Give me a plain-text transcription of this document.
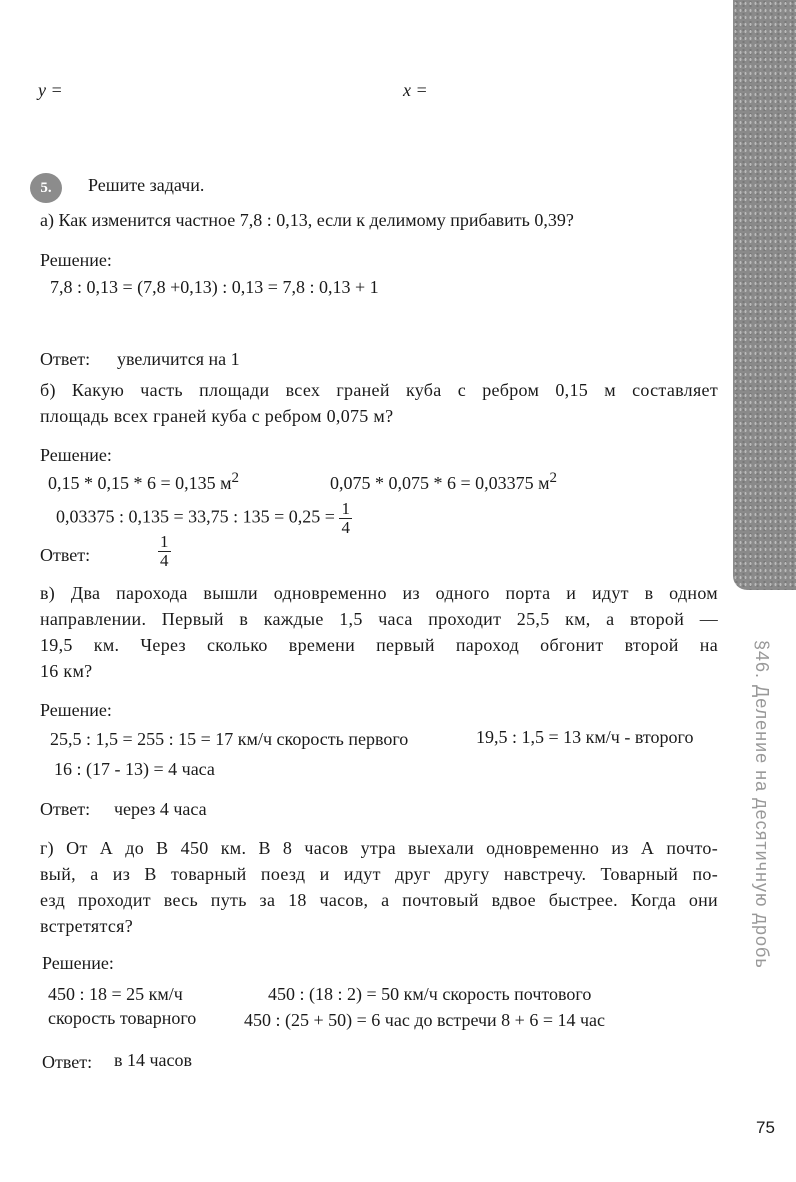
y =	x =
5.	Решите задачи.
а) Как изменится частное 7,8 : 0,13, если к делимому прибавить 0,39?
Решение:
7,8 : 0,13 = (7,8 +0,13) : 0,13 = 7,8 : 0,13 + 1
Ответ: увеличится на 1
б) Какую часть площади всех граней куба с ребром 0,15 м составляет
площадь всех граней куба с ребром 0,075 м?
Решение:
0,15 * 0,15 * 6 = 0,135 $м^2$	0,075 * 0,075 * 6 = 0,03375 $м^2$
0,03375 : 0,135 = 33,75 : $135 = 0,25 = \frac{1}{4}$
Ответ:	$\frac{1}{4}$
в) Два парохода вышли одновременно из одного порта и идут в одном
направлении. Первый в каждые 1,5 часа проходит 25,5 км, а второй —
19,5 км. Через сколько времени первый пароход обгонит второй на
16 км?
Решение:
25,5 : 1,5 = 255 : 15 = 17 км/ч скорость первого	19,5 : 1,5 = 13 км/ч - второго
16 : (17 - 13) = 4 часа
Ответ: через 4 часа
г) От А до В 450 км. В 8 часов утра выехали одновременно из А почто-
вый, а из В товарный поезд и идут друг другу навстречу. Товарный по-
езд проходит весь путь за 18 часов, а почтовый вдвое быстрее. Когда они
встретятся?
Решение:
450 : 18 = 25 км/ч	450 : (18 : 2) = 50 км/ч скорость почтового
скорость товарного	450 : (25 + 50) = 6 час до встречи 8 + 6 = 14 час
Ответ: в 14 часов
§46. Деление на десятичную дробь
75
